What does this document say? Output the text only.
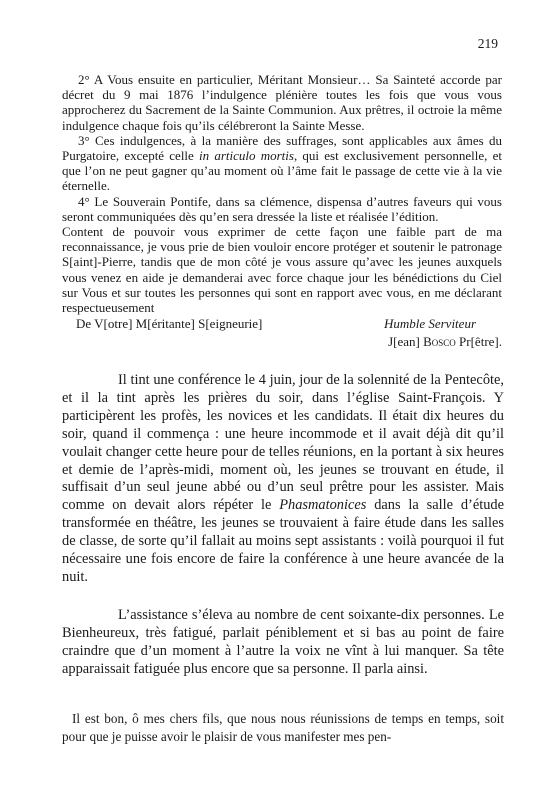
219

2° A Vous ensuite en particulier, Méritant Monsieur… Sa Sainteté accorde par décret du 9 mai 1876 l’indulgence plénière toutes les fois que vous vous approcherez du Sacrement de la Sainte Communion. Aux prêtres, il octroie la même indulgence chaque fois qu’ils célébreront la Sainte Messe.

3° Ces indulgences, à la manière des suffrages, sont applicables aux âmes du Purgatoire, excepté celle in articulo mortis, qui est exclusivement personnelle, et que l’on ne peut gagner qu’au moment où l’âme fait le passage de cette vie à la vie éternelle.

4° Le Souverain Pontife, dans sa clémence, dispensa d’autres faveurs qui vous seront communiquées dès qu’en sera dressée la liste et réalisée l’édition.

Content de pouvoir vous exprimer de cette façon une faible part de ma reconnaissance, je vous prie de bien vouloir encore protéger et soutenir le patronage S[aint]-Pierre, tandis que de mon côté je vous assure qu’avec les jeunes auxquels vous venez en aide je demanderai avec force chaque jour les bénédictions du Ciel sur Vous et sur toutes les personnes qui sont en rapport avec vous, en me déclarant respectueusement

De V[otre] M[éritante] S[eigneurie]	Humble Serviteur
J[ean] Bosco Pr[être].

Il tint une conférence le 4 juin, jour de la solennité de la Pentecôte, et il la tint après les prières du soir, dans l’église Saint-François. Y participèrent les profès, les novices et les candidats. Il était dix heures du soir, quand il commença : une heure incommode et il avait déjà dit qu’il voulait changer cette heure pour de telles réunions, en la portant à six heures et demie de l’après-midi, moment où, les jeunes se trouvant en étude, il suffisait d’un seul jeune abbé ou d’un seul prêtre pour les assister. Mais comme on devait alors répéter le Phasmatonices dans la salle d’étude transformée en théâtre, les jeunes se trouvaient à faire étude dans les salles de classe, de sorte qu’il fallait au moins sept assistants : voilà pourquoi il fut nécessaire une fois encore de faire la conférence à une heure avancée de la nuit.

L’assistance s’éleva au nombre de cent soixante-dix personnes. Le Bienheureux, très fatigué, parlait péniblement et si bas au point de faire craindre que d’un moment à l’autre la voix ne vînt à lui manquer. Sa tête apparaissait fatiguée plus encore que sa personne. Il parla ainsi.

Il est bon, ô mes chers fils, que nous nous réunissions de temps en temps, soit pour que je puisse avoir le plaisir de vous manifester mes pen-
